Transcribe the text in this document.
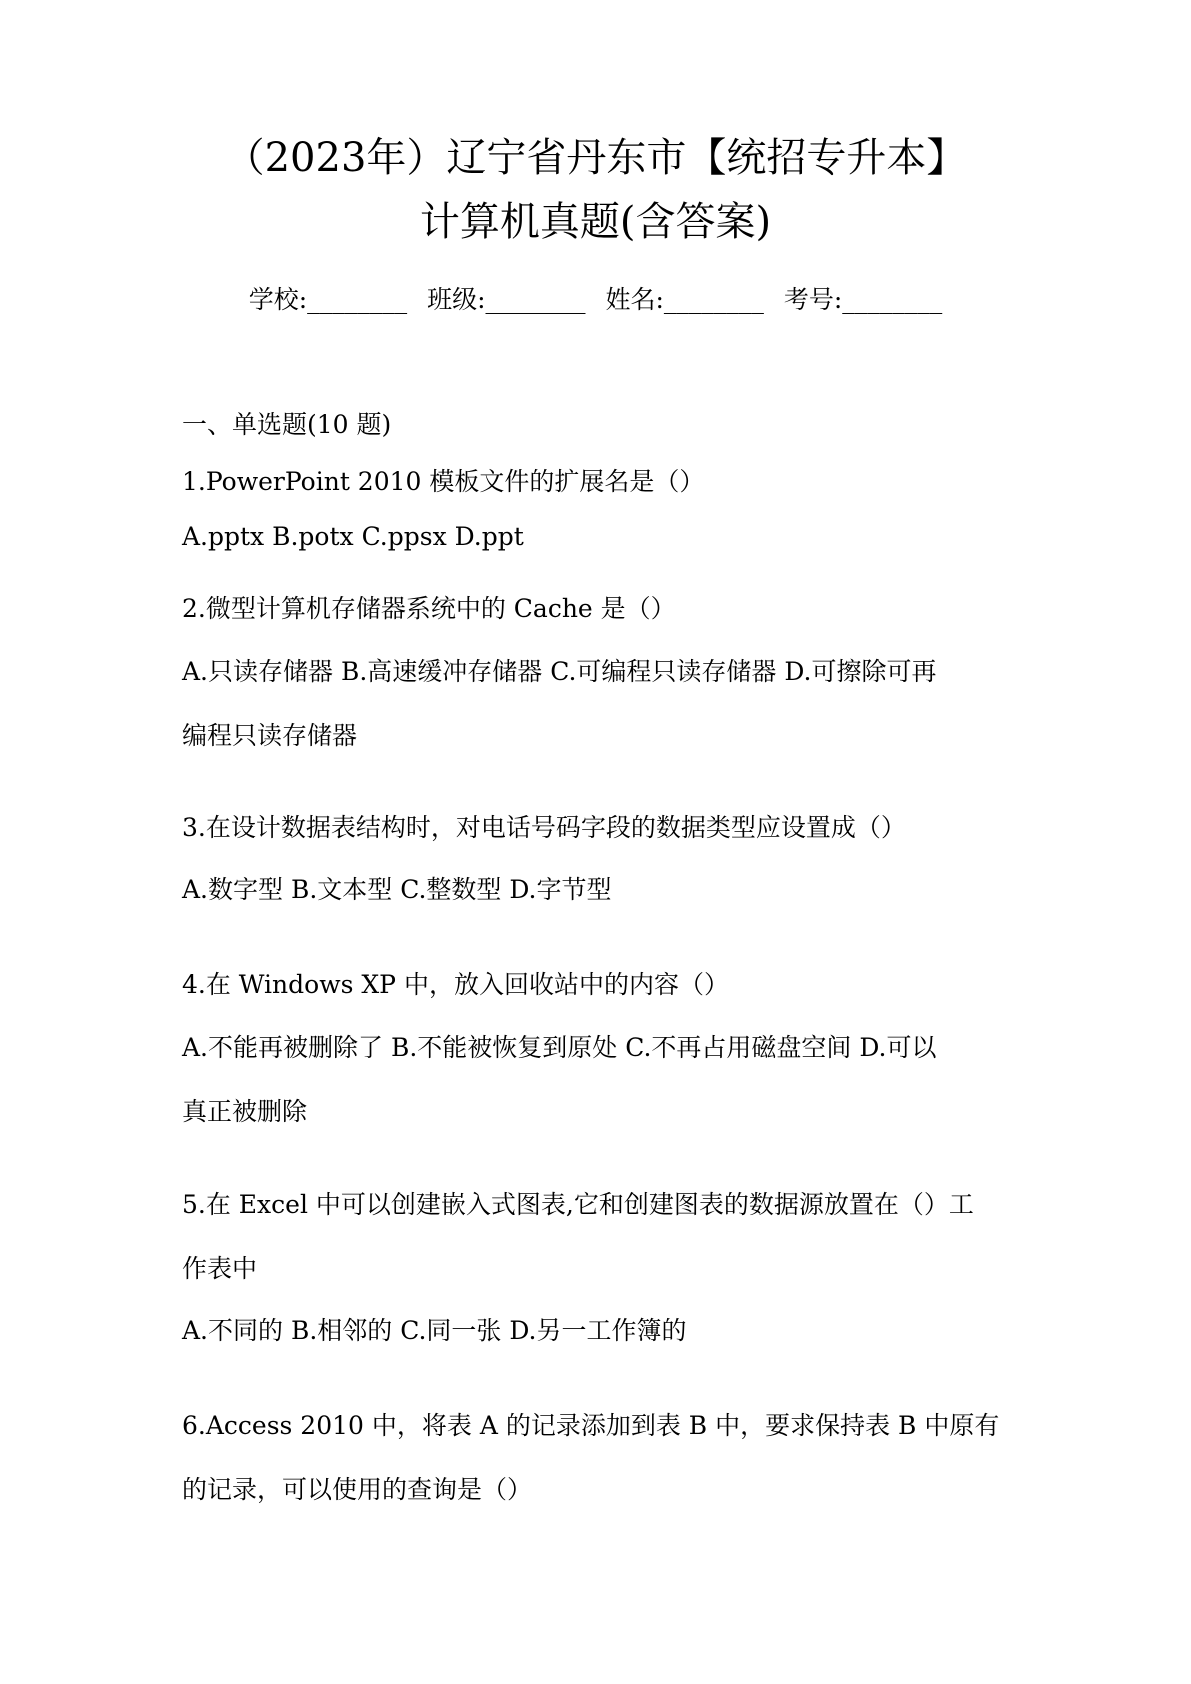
（2023年）辽宁省丹东市【统招专升本】
计算机真题(含答案)
学校:________ 班级:________ 姓名:________ 考号:________
一、单选题(10 题)
1.PowerPoint 2010 模板文件的扩展名是（）
A.pptx B.potx C.ppsx D.ppt
2.微型计算机存储器系统中的 Cache 是（）
A.只读存储器 B.高速缓冲存储器 C.可编程只读存储器 D.可擦除可再
编程只读存储器
3.在设计数据表结构时，对电话号码字段的数据类型应设置成（）
A.数字型 B.文本型 C.整数型 D.字节型
4.在 Windows XP 中，放入回收站中的内容（）
A.不能再被删除了 B.不能被恢复到原处 C.不再占用磁盘空间 D.可以
真正被删除
5.在 Excel 中可以创建嵌入式图表,它和创建图表的数据源放置在（）工
作表中
A.不同的 B.相邻的 C.同一张 D.另一工作簿的
6.Access 2010 中，将表 A 的记录添加到表 B 中，要求保持表 B 中原有
的记录，可以使用的查询是（）
